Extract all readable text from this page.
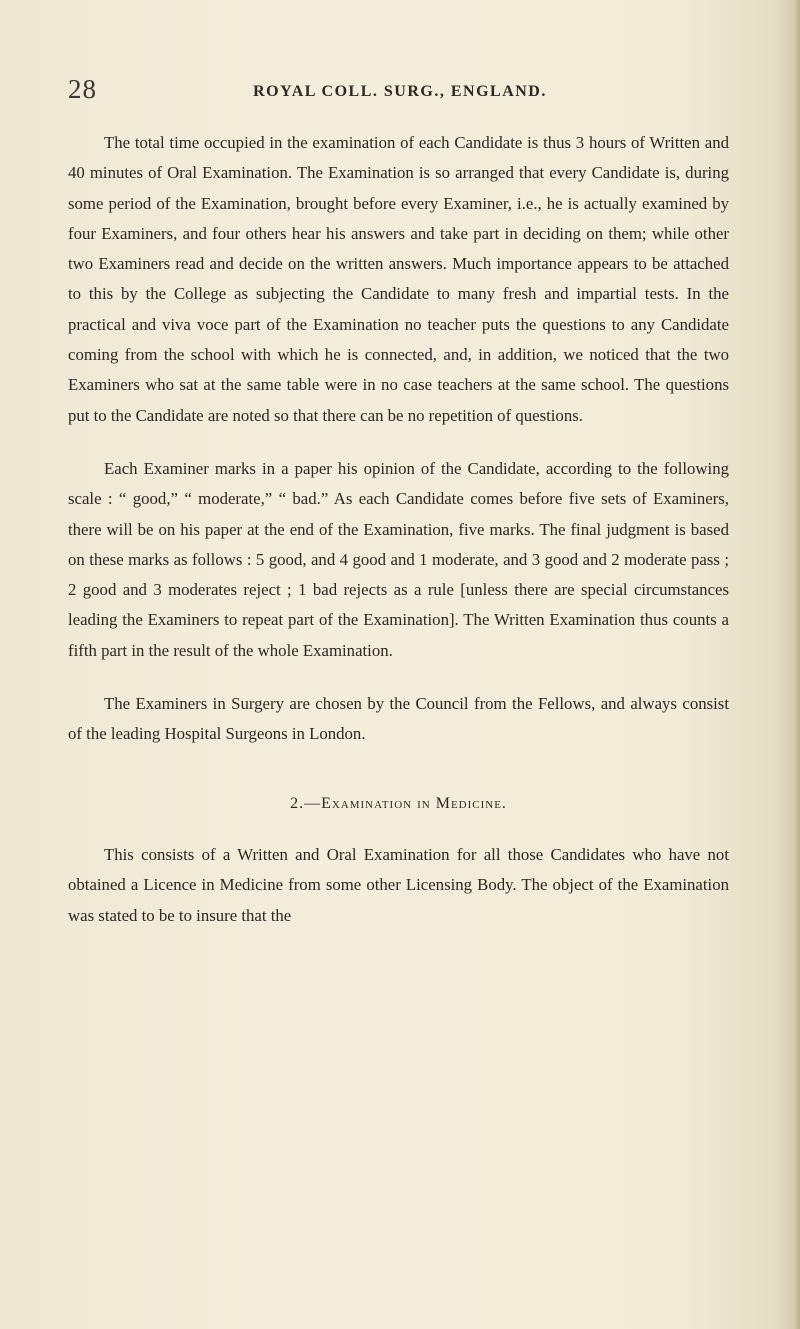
28	ROYAL COLL. SURG., ENGLAND.

The total time occupied in the examination of each Candidate is thus 3 hours of Written and 40 minutes of Oral Examination. The Examination is so arranged that every Candidate is, during some period of the Examination, brought before every Examiner, i.e., he is actually examined by four Examiners, and four others hear his answers and take part in deciding on them; while other two Examiners read and decide on the written answers. Much importance appears to be attached to this by the College as subjecting the Candidate to many fresh and impartial tests. In the practical and viva voce part of the Examination no teacher puts the questions to any Candidate coming from the school with which he is connected, and, in addition, we noticed that the two Examiners who sat at the same table were in no case teachers at the same school. The questions put to the Candidate are noted so that there can be no repetition of questions.

Each Examiner marks in a paper his opinion of the Candidate, according to the following scale : “ good,” “ moderate,” “ bad.” As each Candidate comes before five sets of Examiners, there will be on his paper at the end of the Examination, five marks. The final judgment is based on these marks as follows : 5 good, and 4 good and 1 moderate, and 3 good and 2 moderate pass ; 2 good and 3 moderates reject ; 1 bad rejects as a rule [unless there are special circumstances leading the Examiners to repeat part of the Examination]. The Written Examination thus counts a fifth part in the result of the whole Examination.

The Examiners in Surgery are chosen by the Council from the Fellows, and always consist of the leading Hospital Surgeons in London.

2.—Examination in Medicine.

This consists of a Written and Oral Examination for all those Candidates who have not obtained a Licence in Medicine from some other Licensing Body. The object of the Examination was stated to be to insure that the
